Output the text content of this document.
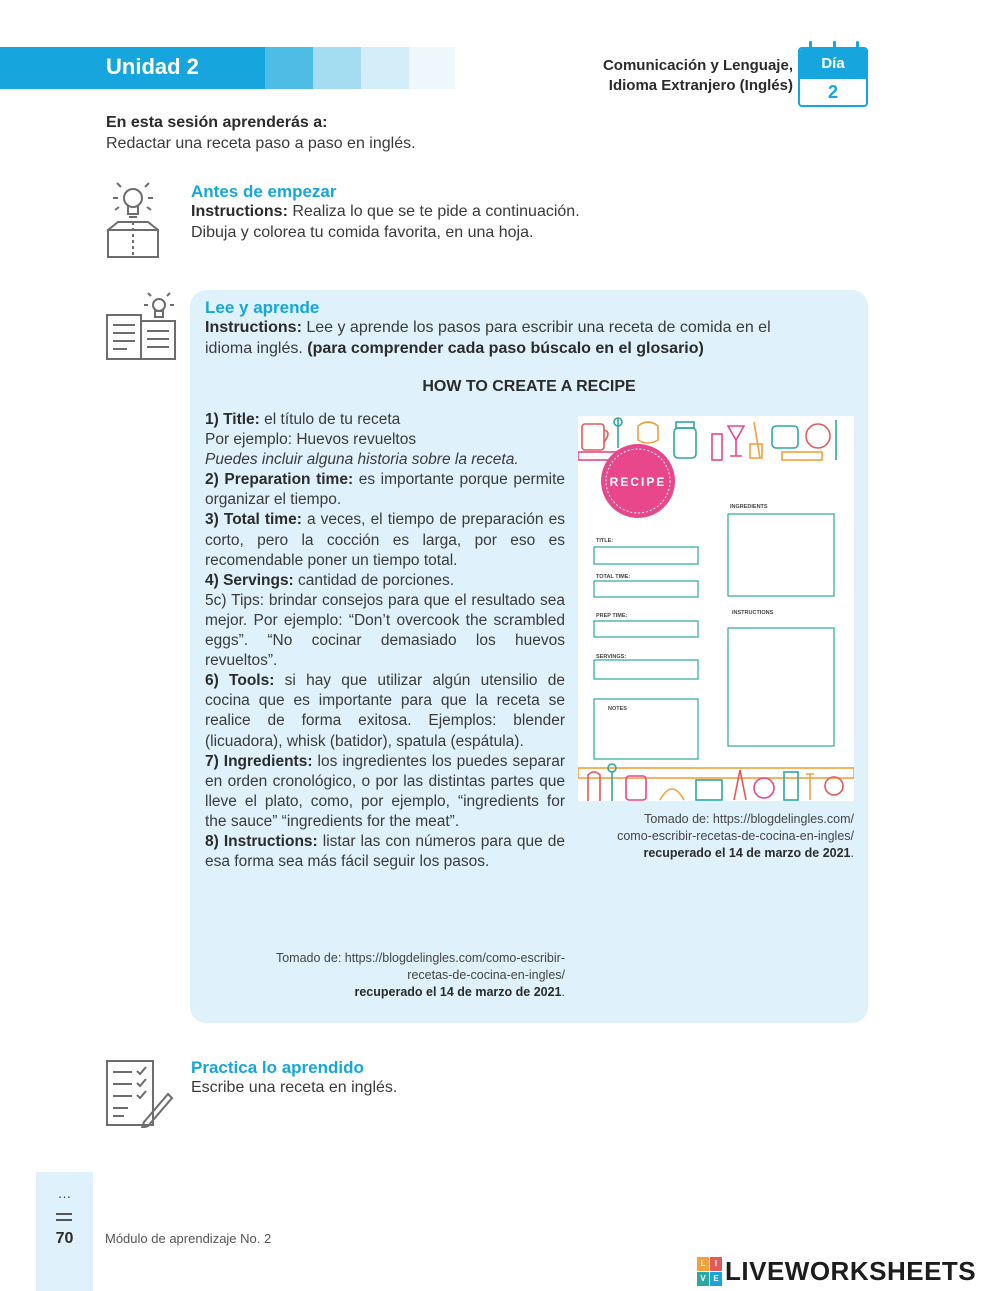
Unidad 2	Comunicación y Lenguaje,
Idioma Extranjero (Inglés)
Día
2
En esta sesión aprenderás a:
Redactar una receta paso a paso en inglés.
Antes de empezar
Instructions: Realiza lo que se te pide a continuación.
Dibuja y colorea tu comida favorita, en una hoja.
Lee y aprende
Instructions: Lee y aprende los pasos para escribir una receta de comida en el
idioma inglés. (para comprender cada paso búscalo en el glosario)
HOW TO CREATE A RECIPE

1) Title: el título de tu receta

Por ejemplo: Huevos revueltos

Puedes incluir alguna historia sobre la receta.

2) Preparation time: es importante porque permite organizar el tiempo.

3) Total time: a veces, el tiempo de preparación es corto, pero la cocción es larga, por eso es recomendable poner un tiempo total.

4) Servings: cantidad de porciones.

5c) Tips: brindar consejos para que el resultado sea mejor. Por ejemplo: “Don’t overcook the scrambled eggs”. “No cocinar demasiado los huevos revueltos”.

6) Tools: si hay que utilizar algún utensilio de cocina que es importante para que la receta se realice de forma exitosa. Ejemplos: blender (licuadora), whisk (batidor), spatula (espátula).

7) Ingredients: los ingredientes los puedes separar en orden cronológico, o por las distintas partes que lleve el plato, como, por ejemplo, “ingredients for the sauce” “ingredients for the meat”.

8) Instructions: listar las con números para que de esa forma sea más fácil seguir los pasos.

Tomado de: https://blogdelingles.com/como-escribir-
recetas-de-cocina-en-ingles/
recuperado el 14 de marzo de 2021.
RECIPE
TITLE:
TOTAL TIME:
PREP TIME:
SERVINGS:
NOTES
INGREDIENTS
INSTRUCTIONS
Tomado de: https://blogdelingles.com/
como-escribir-recetas-de-cocina-en-ingles/
recuperado el 14 de marzo de 2021.
Practica lo aprendido
Escribe una receta en inglés.
…
70	Módulo de aprendizaje No. 2
L	I
V E LIVEWORKSHEETS
